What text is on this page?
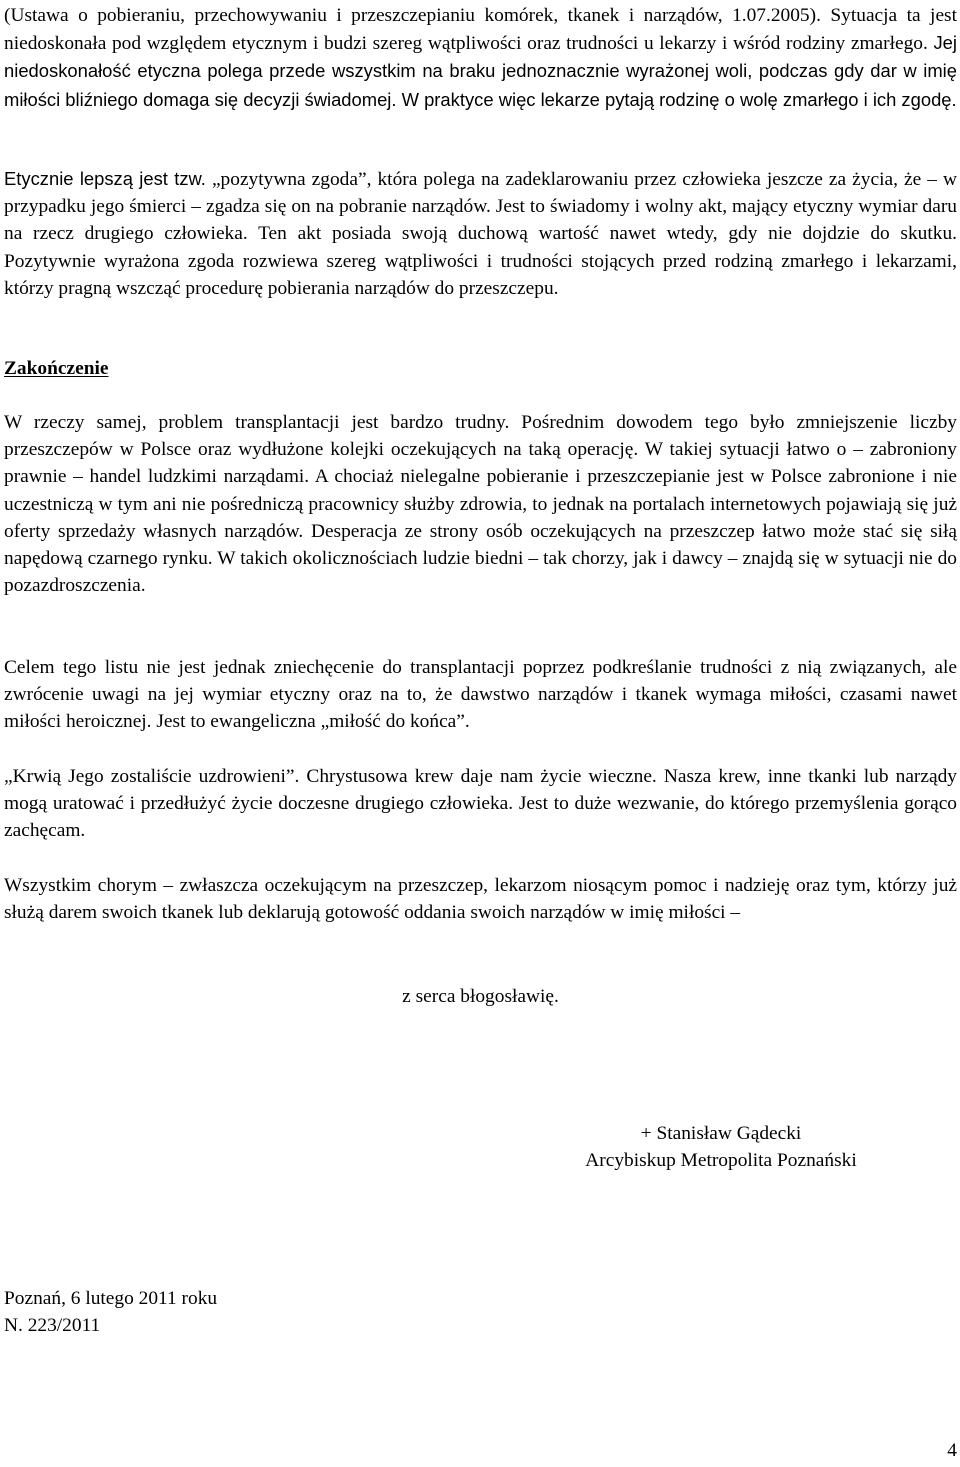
(Ustawa o pobieraniu, przechowywaniu i przeszczepianiu komórek, tkanek i narządów, 1.07.2005). Sytuacja ta jest niedoskonała pod względem etycznym i budzi szereg wątpliwości oraz trudności u lekarzy i wśród rodziny zmarłego. Jej niedoskonałość etyczna polega przede wszystkim na braku jednoznacznie wyrażonej woli, podczas gdy dar w imię miłości bliźniego domaga się decyzji świadomej. W praktyce więc lekarze pytają rodzinę o wolę zmarłego i ich zgodę.

Etycznie lepszą jest tzw. „pozytywna zgoda”, która polega na zadeklarowaniu przez człowieka jeszcze za życia, że – w przypadku jego śmierci – zgadza się on na pobranie narządów. Jest to świadomy i wolny akt, mający etyczny wymiar daru na rzecz drugiego człowieka. Ten akt posiada swoją duchową wartość nawet wtedy, gdy nie dojdzie do skutku. Pozytywnie wyrażona zgoda rozwiewa szereg wątpliwości i trudności stojących przed rodziną zmarłego i lekarzami, którzy pragną wszcząć procedurę pobierania narządów do przeszczepu.

Zakończenie

W rzeczy samej, problem transplantacji jest bardzo trudny. Pośrednim dowodem tego było zmniejszenie liczby przeszczepów w Polsce oraz wydłużone kolejki oczekujących na taką operację. W takiej sytuacji łatwo o – zabroniony prawnie – handel ludzkimi narządami. A chociaż nielegalne pobieranie i przeszczepianie jest w Polsce zabronione i nie uczestniczą w tym ani nie pośredniczą pracownicy służby zdrowia, to jednak na portalach internetowych pojawiają się już oferty sprzedaży własnych narządów. Desperacja ze strony osób oczekujących na przeszczep łatwo może stać się siłą napędową czarnego rynku. W takich okolicznościach ludzie biedni – tak chorzy, jak i dawcy – znajdą się w sytuacji nie do pozazdroszczenia.

Celem tego listu nie jest jednak zniechęcenie do transplantacji poprzez podkreślanie trudności z nią związanych, ale zwrócenie uwagi na jej wymiar etyczny oraz na to, że dawstwo narządów i tkanek wymaga miłości, czasami nawet miłości heroicznej. Jest to ewangeliczna „miłość do końca”.

„Krwią Jego zostaliście uzdrowieni”. Chrystusowa krew daje nam życie wieczne. Nasza krew, inne tkanki lub narządy mogą uratować i przedłużyć życie doczesne drugiego człowieka. Jest to duże wezwanie, do którego przemyślenia gorąco zachęcam.

Wszystkim chorym – zwłaszcza oczekującym na przeszczep, lekarzom niosącym pomoc i nadzieję oraz tym, którzy już służą darem swoich tkanek lub deklarują gotowość oddania swoich narządów w imię miłości –

z serca błogosławię.

+ Stanisław Gądecki
Arcybiskup Metropolita Poznański

Poznań, 6 lutego 2011 roku
N. 223/2011

4
